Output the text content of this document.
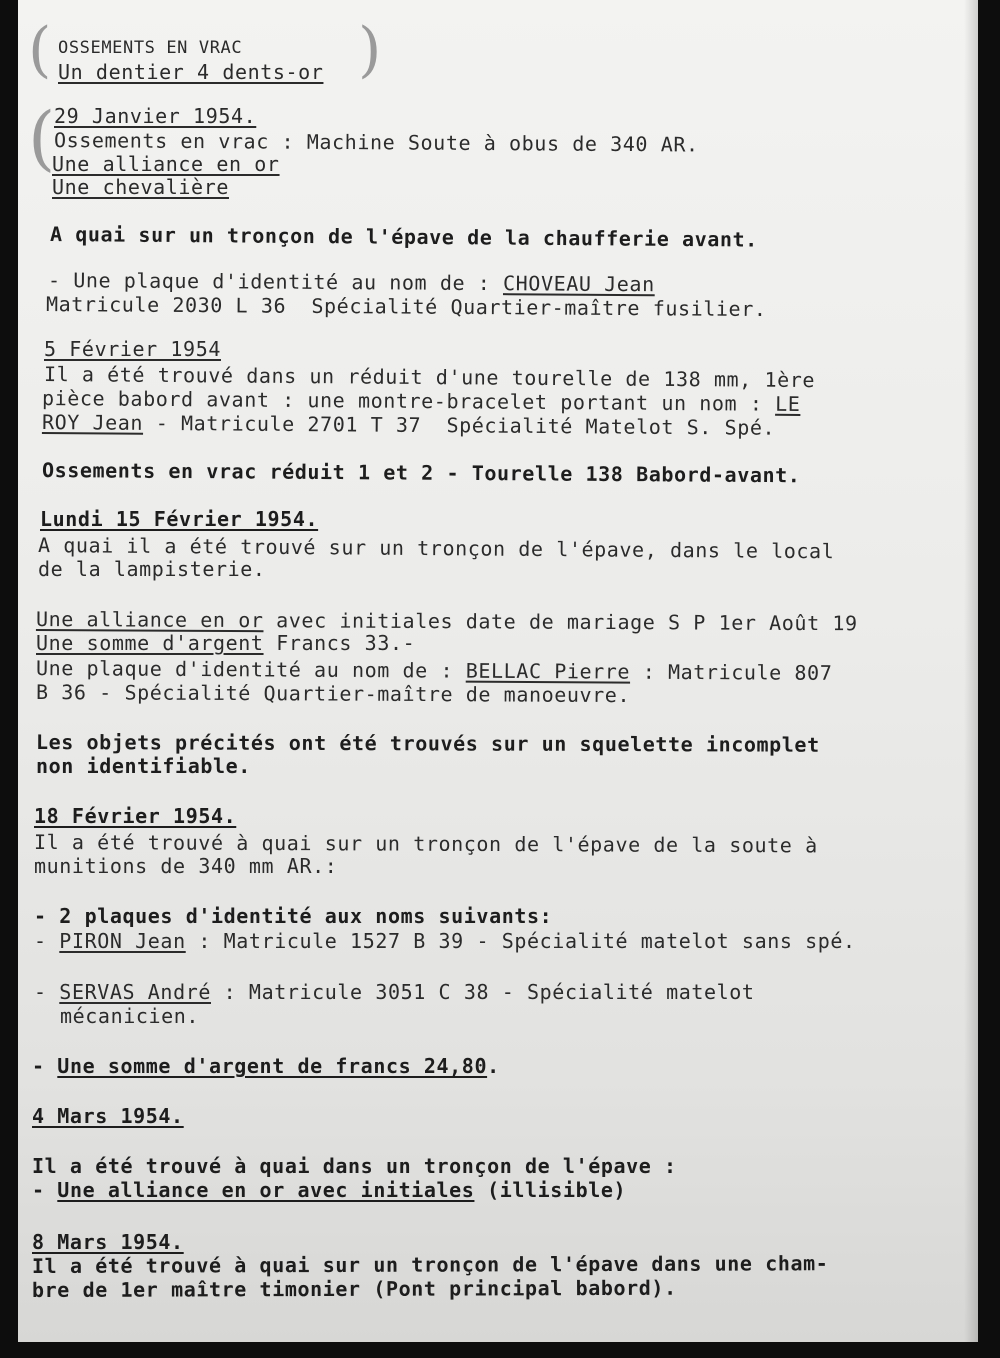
(	)
OSSEMENTS EN VRAC
Un dentier 4 dents-or
(
29 Janvier 1954.
Ossements en vrac : Machine Soute à obus de 340 AR.
Une alliance en or
Une chevalière
A quai sur un tronçon de l'épave de la chaufferie avant.
- Une plaque d'identité au nom de : CHOVEAU Jean
Matricule 2030 L 36  Spécialité Quartier-maître fusilier.
5 Février 1954
Il a été trouvé dans un réduit d'une tourelle de 138 mm, 1ère
pièce babord avant : une montre-bracelet portant un nom : LE
ROY Jean - Matricule 2701 T 37  Spécialité Matelot S. Spé.
Ossements en vrac réduit 1 et 2 - Tourelle 138 Babord-avant.
Lundi 15 Février 1954.
A quai il a été trouvé sur un tronçon de l'épave, dans le local
de la lampisterie.
Une alliance en or avec initiales date de mariage S P 1er Août 19
Une somme d'argent Francs 33.-
Une plaque d'identité au nom de : BELLAC Pierre : Matricule 807
B 36 - Spécialité Quartier-maître de manoeuvre.
Les objets précités ont été trouvés sur un squelette incomplet
non identifiable.
18 Février 1954.
Il a été trouvé à quai sur un tronçon de l'épave de la soute à
munitions de 340 mm AR.:
- 2 plaques d'identité aux noms suivants:
- PIRON Jean : Matricule 1527 B 39 - Spécialité matelot sans spé.
- SERVAS André : Matricule 3051 C 38 - Spécialité matelot
mécanicien.
- Une somme d'argent de francs 24,80.
4 Mars 1954.
Il a été trouvé à quai dans un tronçon de l'épave :
- Une alliance en or avec initiales (illisible)
8 Mars 1954.
Il a été trouvé à quai sur un tronçon de l'épave dans une cham-
bre de 1er maître timonier (Pont principal babord).
